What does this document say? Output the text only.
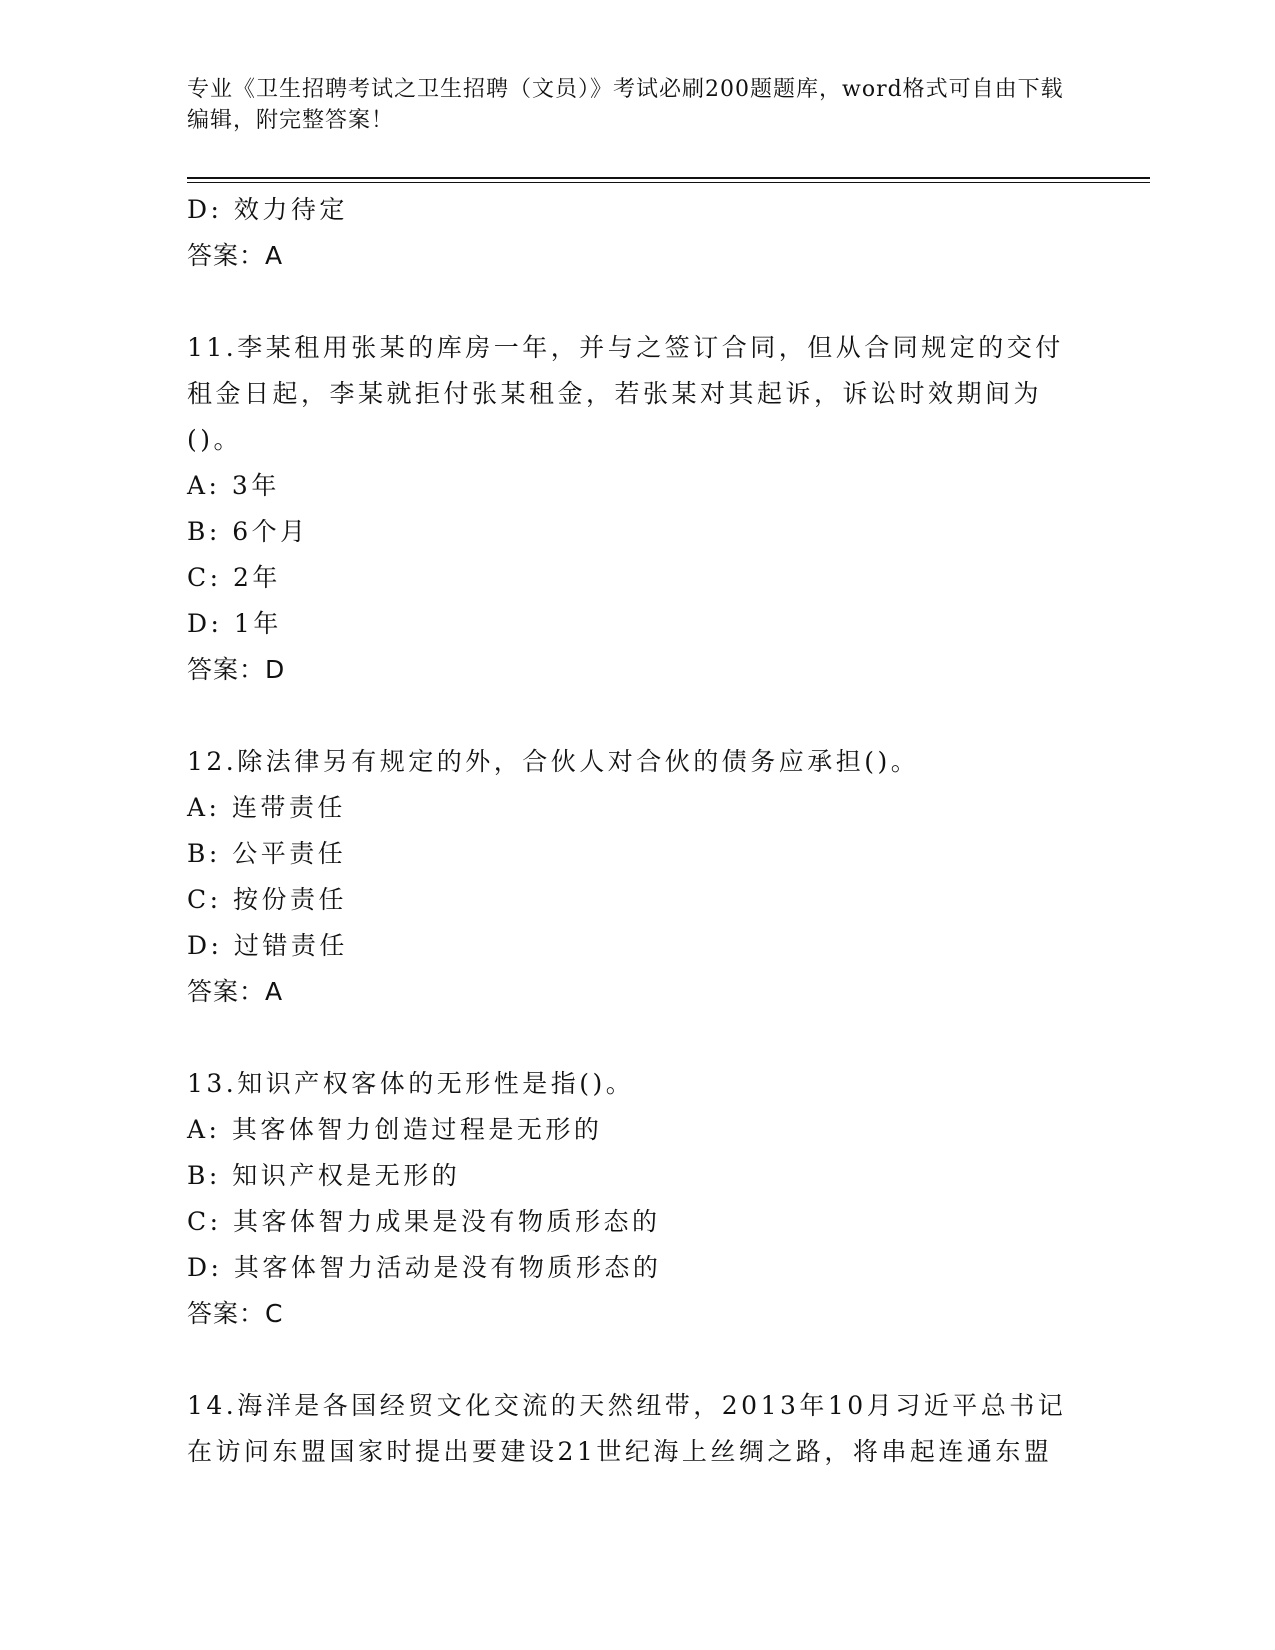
专业《卫生招聘考试之卫生招聘（文员）》考试必刷200题题库，word格式可自由下载编辑，附完整答案！
D: 效力待定
答案：A
11.李某租用张某的库房一年，并与之签订合同，但从合同规定的交付
租金日起，李某就拒付张某租金，若张某对其起诉，诉讼时效期间为
()。
A: 3年
B: 6个月
C: 2年
D: 1年
答案：D
12.除法律另有规定的外，合伙人对合伙的债务应承担()。
A: 连带责任
B: 公平责任
C: 按份责任
D: 过错责任
答案：A
13.知识产权客体的无形性是指()。
A: 其客体智力创造过程是无形的
B: 知识产权是无形的
C: 其客体智力成果是没有物质形态的
D: 其客体智力活动是没有物质形态的
答案：C
14.海洋是各国经贸文化交流的天然纽带，2013年10月习近平总书记
在访问东盟国家时提出要建设21世纪海上丝绸之路，将串起连通东盟
